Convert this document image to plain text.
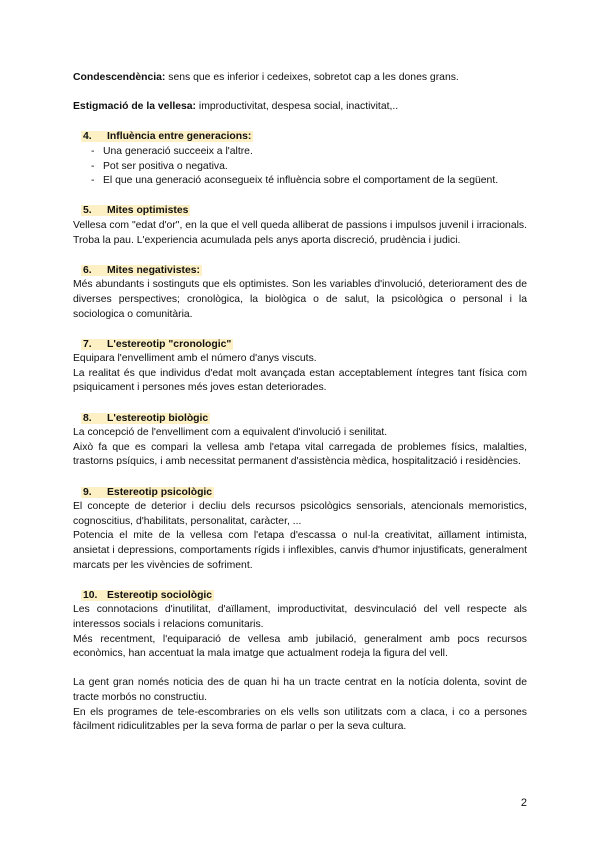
Condescendència: sens que es inferior i cedeixes, sobretot cap a les dones grans.

Estigmació de la vellesa: improductivitat, despesa social, inactivitat,..

4. Influència entre generacions:
- Una generació succeeix a l'altre.
- Pot ser positiva o negativa.
- El que una generació aconsegueix té influència sobre el comportament de la següent.
5. Mites optimistes

Vellesa com "edat d'or", en la que el vell queda alliberat de passions i impulsos juvenil i irracionals. Troba la pau. L'experiencia acumulada pels anys aporta discreció, prudència i judici.

6. Mites negativistes:

Més abundants i sostinguts que els optimistes. Son les variables d'involució, deteriorament des de diverses perspectives; cronològica, la biològica o de salut, la psicològica o personal i la sociologica o comunitària.

7. L'estereotip "cronologic"

Equipara l'envelliment amb el número d'anys viscuts.

La realitat és que individus d'edat molt avançada estan acceptablement íntegres tant física com psiquicament i persones més joves estan deteriorades.

8. L'estereotip biològic

La concepció de l'envelliment com a equivalent d'involució i senilitat.

Això fa que es compari la vellesa amb l'etapa vital carregada de problemes físics, malalties, trastorns psíquics, i amb necessitat permanent d'assistència mèdica, hospitalització i residències.

9. Estereotip psicològic

El concepte de deterior i decliu dels recursos psicològics sensorials, atencionals memoristics, cognoscitius, d'habilitats, personalitat, caràcter, ...

Potencia el mite de la vellesa com l'etapa d'escassa o nul·la creativitat, aïllament intimista, ansietat i depressions, comportaments rígids i inflexibles, canvis d'humor injustificats, generalment marcats per les vivències de sofriment.

10. Estereotip sociològic

Les connotacions d'inutilitat, d'aïllament, improductivitat, desvinculació del vell respecte als interessos socials i relacions comunitaris.

Més recentment, l'equiparació de vellesa amb jubilació, generalment amb pocs recursos econòmics, han accentuat la mala imatge que actualment rodeja la figura del vell.

La gent gran només noticia des de quan hi ha un tracte centrat en la notícia dolenta, sovint de tracte morbós no constructiu.

En els programes de tele-escombraries on els vells son utilitzats com a claca, i co a persones fàcilment ridiculitzables per la seva forma de parlar o per la seva cultura.

2
